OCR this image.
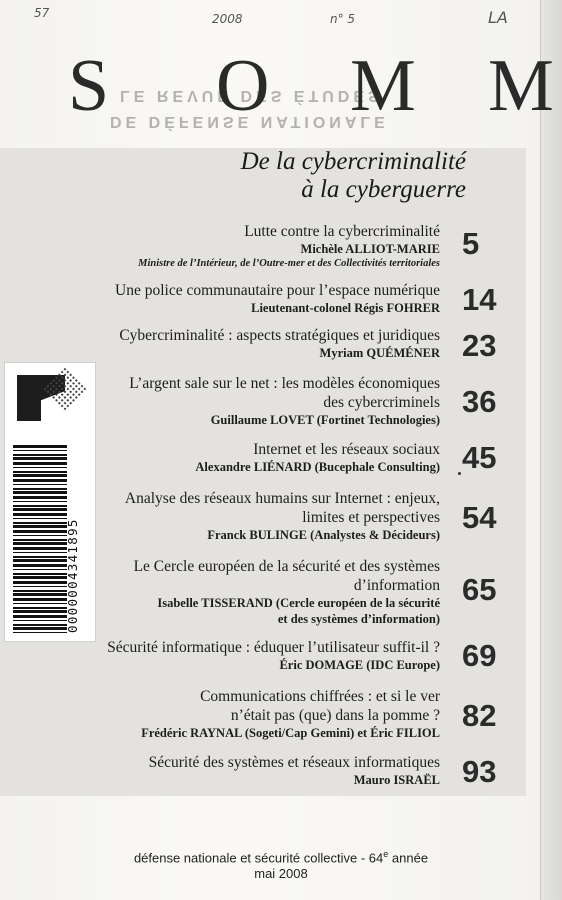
57	2008	n° 5	LA
LE REVUE DES ÉTUDES
DE DÉFENSE NATIONALE
S O M M
De la cybercriminalité
à la cyberguerre
Lutte contre la cybercriminalité
Michèle ALLIOT-MARIE
Ministre de l’Intérieur, de l’Outre-mer et des Collectivités territoriales
5
Une police communautaire pour l’espace numérique
Lieutenant-colonel Régis FOHRER 14
Cybercriminalité : aspects stratégiques et juridiques
Myriam QUÉMÉNER 23
L’argent sale sur le net : les modèles économiques
des cybercriminels
Guillaume LOVET (Fortinet Technologies)
36
Internet et les réseaux sociaux
Alexandre LIÉNARD (Bucephale Consulting) 45
Analyse des réseaux humains sur Internet : enjeux,
limites et perspectives
Franck BULINGE (Analystes & Décideurs) 54
Le Cercle européen de la sécurité et des systèmes
d’information
Isabelle TISSERAND (Cercle européen de la sécurité
et des systèmes d’information)
65
Sécurité informatique : éduquer l’utilisateur suffit-il ?
Éric DOMAGE (IDC Europe) 69
Communications chiffrées : et si le ver
n’était pas (que) dans la pomme ?
Frédéric RAYNAL (Sogeti/Cap Gemini) et Éric FILIOL 82
Sécurité des systèmes et réseaux informatiques
Mauro ISRAËL 93
0000004341895
défense nationale et sécurité collective - 64e année
mai 2008
